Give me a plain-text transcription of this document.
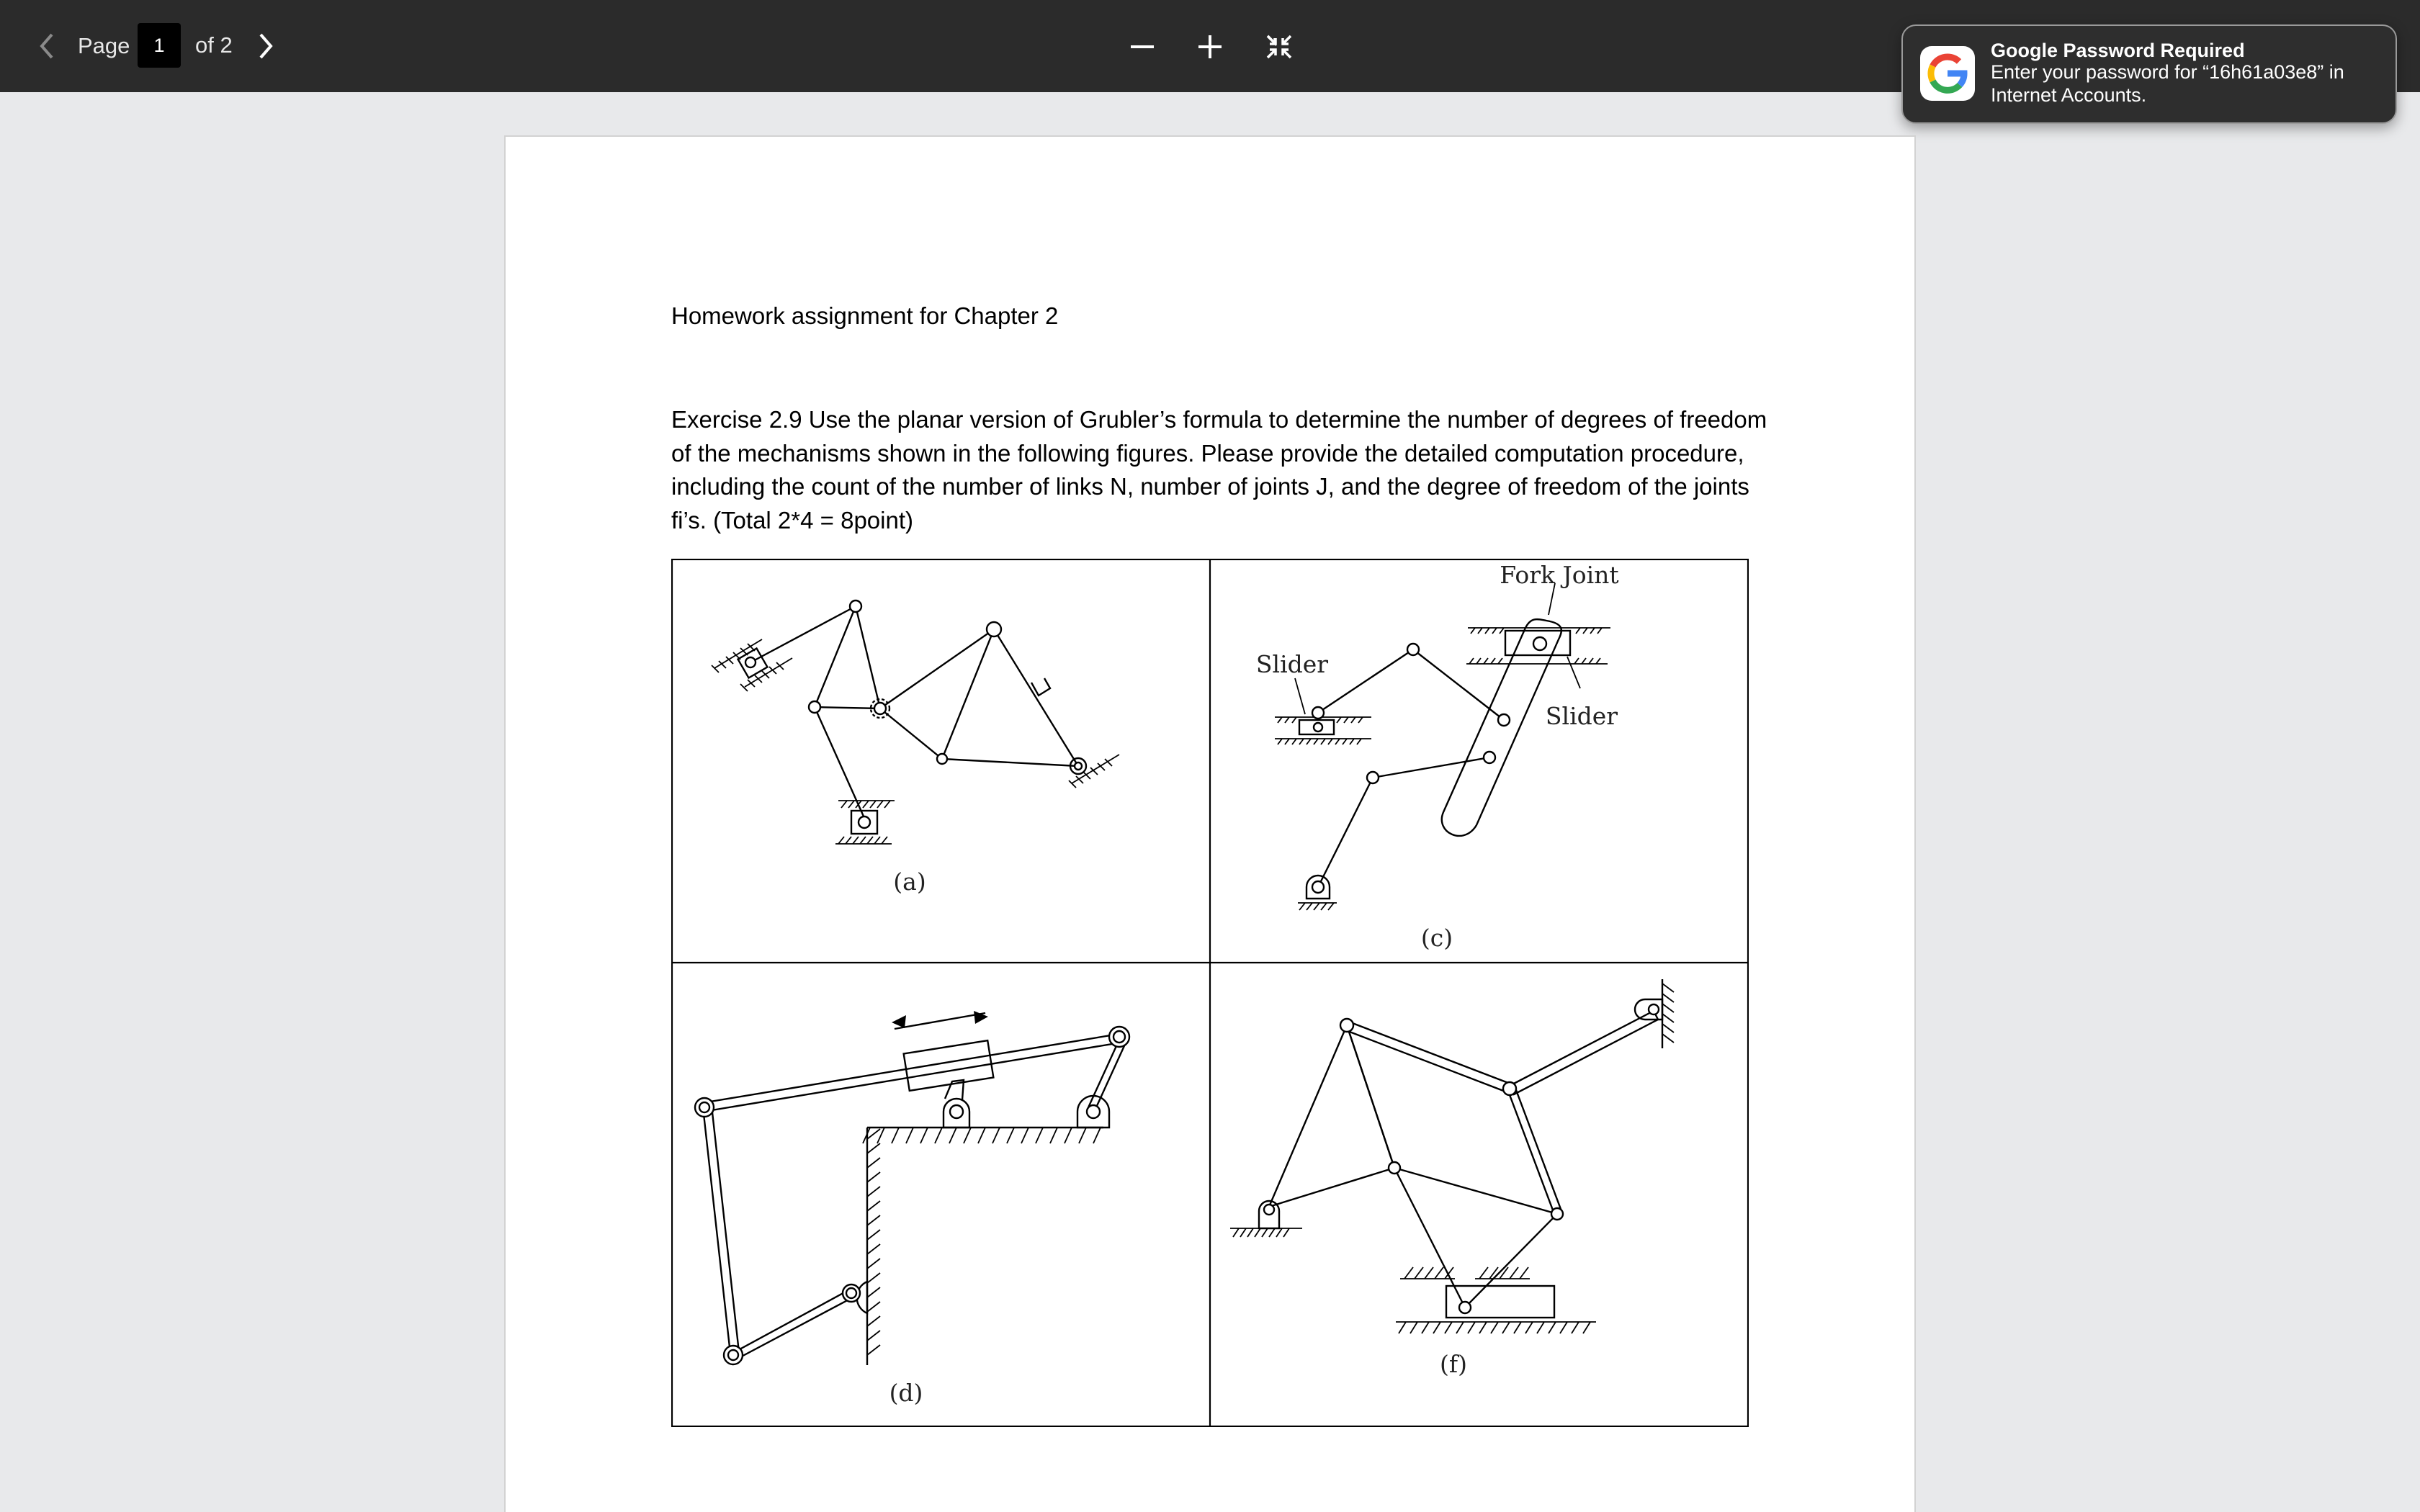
Page	1	of 2	Google Password Required
Enter your password for “16h61a03e8” in Internet Accounts.
Homework assignment for Chapter 2
Exercise 2.9 Use the planar version of Grubler’s formula to determine the number of degrees of freedom
of the mechanisms shown in the following figures. Please provide the detailed computation procedure,
including the count of the number of links N, number of joints J, and the degree of freedom of the joints
fi’s. (Total 2*4 = 8point)
(a)
Fork Joint
Slider
Slider
(c)
(d)
(f)
